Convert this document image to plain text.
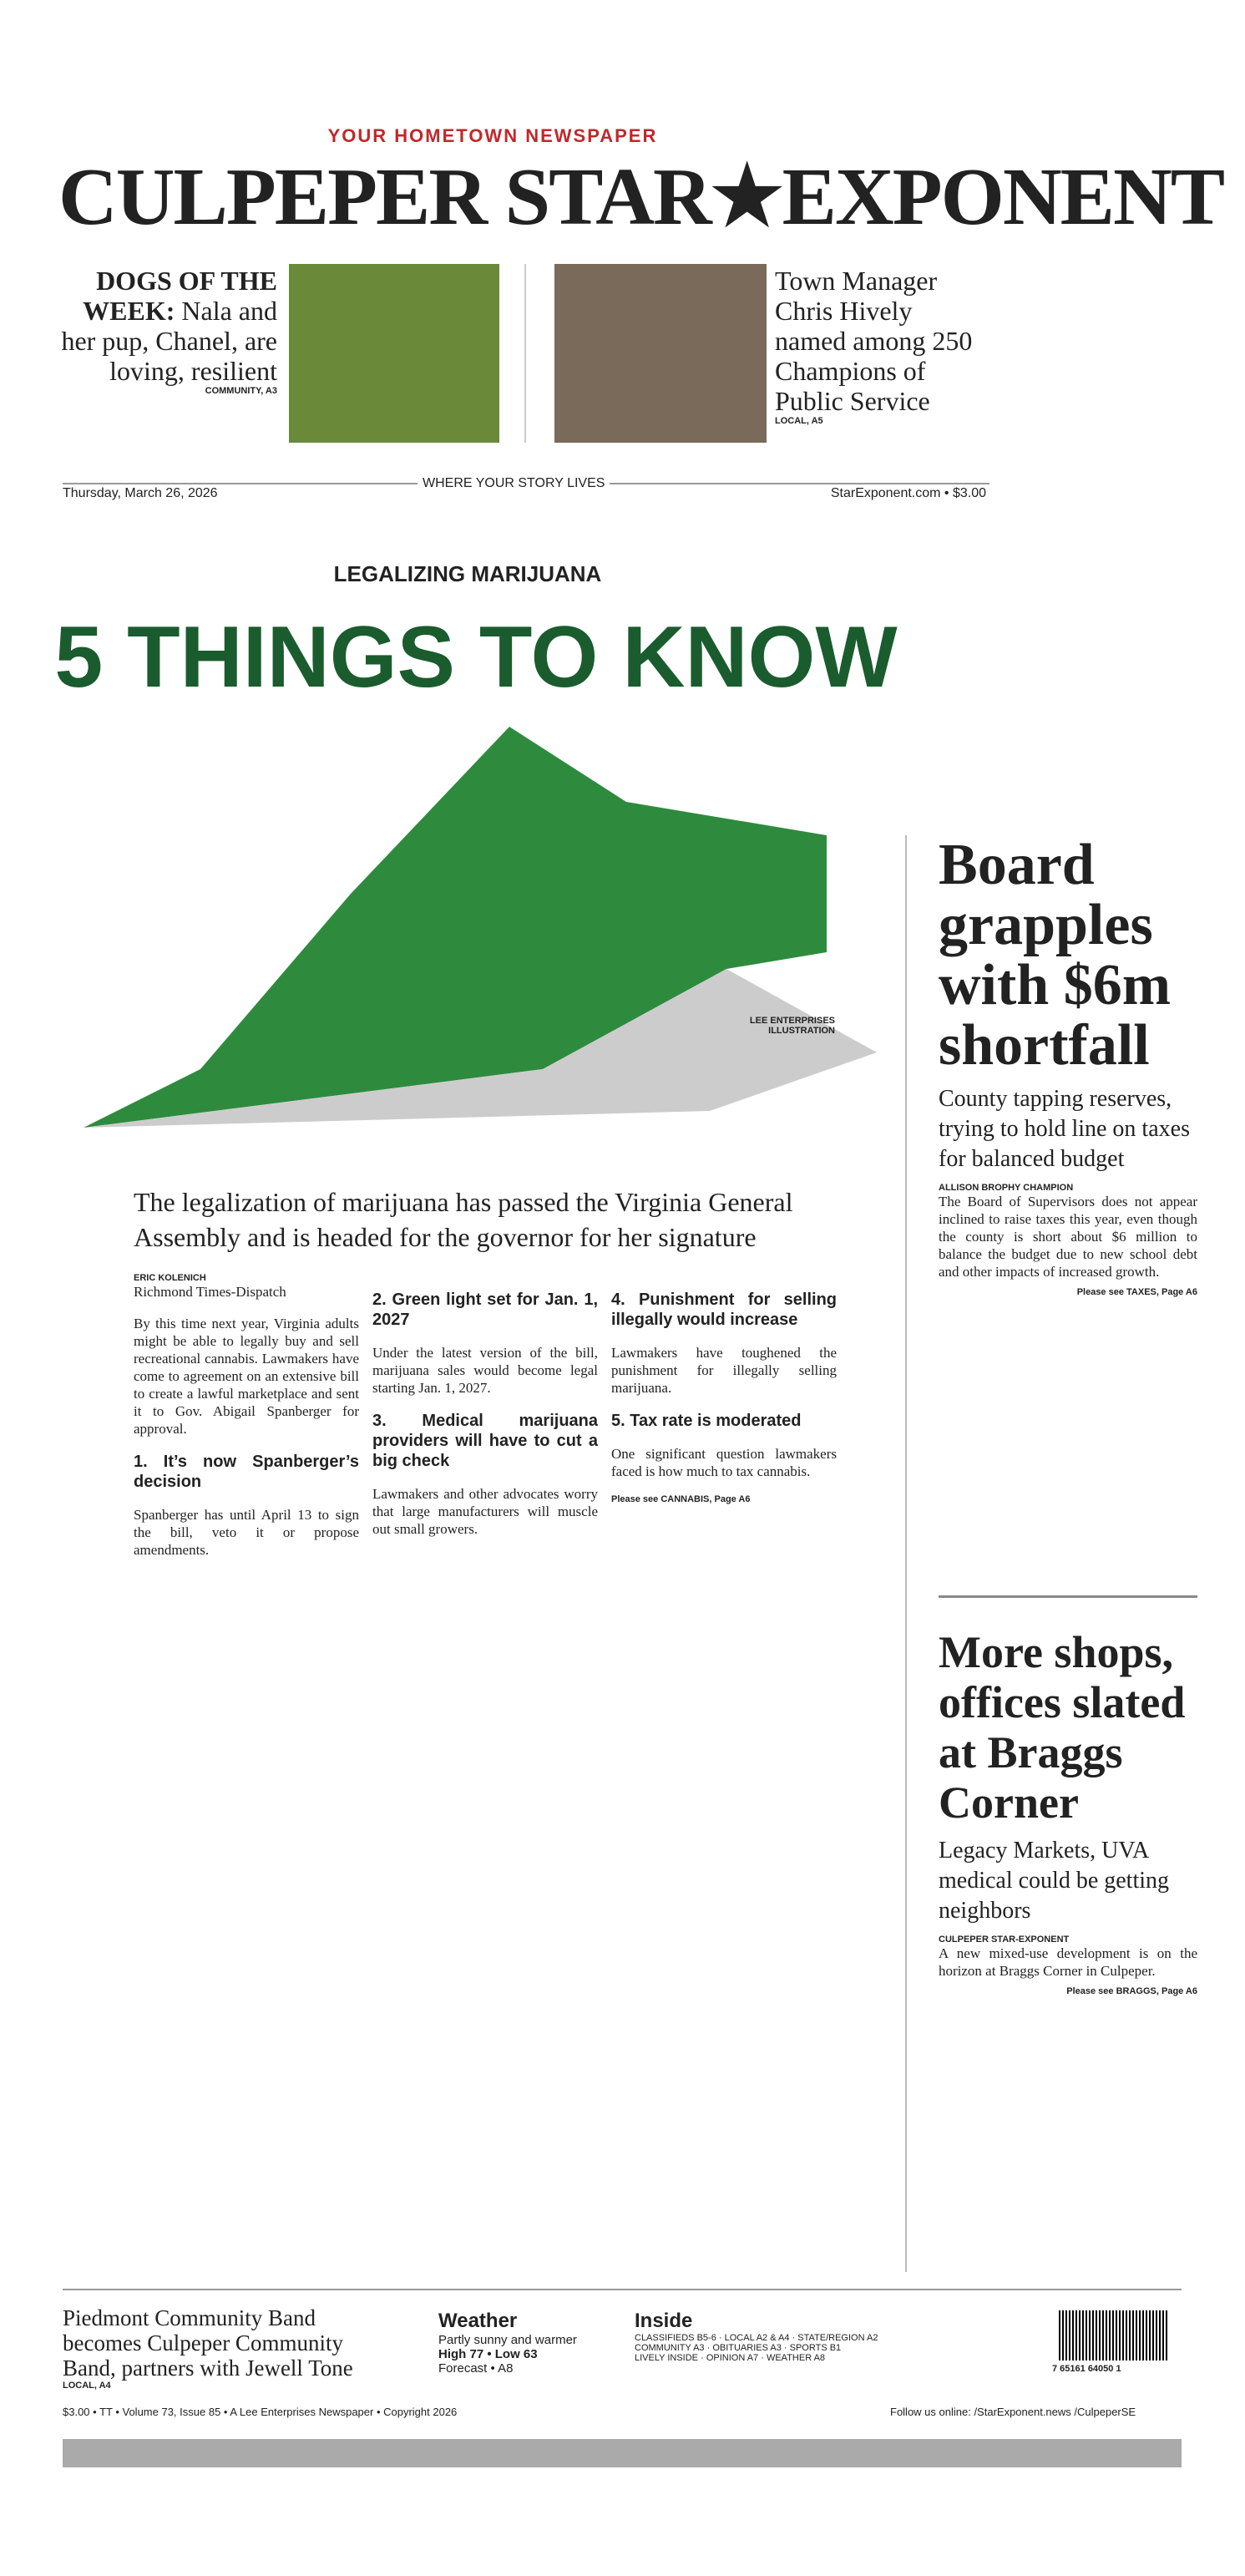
YOUR HOMETOWN NEWSPAPER
CULPEPER STAR★EXPONENT
DOGS OF THE WEEK: Nala and her pup, Chanel, are loving, resilient
COMMUNITY, A3
Town Manager Chris Hively named among 250 Champions of Public Service
LOCAL, A5
Thursday, March 26, 2026
WHERE YOUR STORY LIVES
StarExponent.com • $3.00
LEGALIZING MARIJUANA
5 THINGS TO KNOW
LEE ENTERPRISES ILLUSTRATION
The legalization of marijuana has passed the Virginia General Assembly and is headed for the governor for her signature
ERIC KOLENICH
Richmond Times-Dispatch

By this time next year, Virginia adults might be able to legally buy and sell recreational cannabis. Lawmakers have come to agreement on an extensive bill to create a lawful marketplace and sent it to Gov. Abigail Spanberger for approval.

1. It’s now Spanberger’s decision

Spanberger has until April 13 to sign the bill, veto it or propose amendments.

2. Green light set for Jan. 1, 2027

Under the latest version of the bill, marijuana sales would become legal starting Jan. 1, 2027.

3. Medical marijuana providers will have to cut a big check

Lawmakers and other advocates worry that large manufacturers will muscle out small growers.

4. Punishment for selling illegally would increase

Lawmakers have toughened the punishment for illegally selling marijuana.

5. Tax rate is moderated

One significant question lawmakers faced is how much to tax cannabis.

Please see CANNABIS, Page A6
Board grapples with $6m shortfall
County tapping reserves, trying to hold line on taxes for balanced budget
ALLISON BROPHY CHAMPION
The Board of Supervisors does not appear inclined to raise taxes this year, even though the county is short about $6 million to balance the budget due to new school debt and other impacts of increased growth.
Please see TAXES, Page A6
More shops, offices slated at Braggs Corner
Legacy Markets, UVA medical could be getting neighbors
CULPEPER STAR-EXPONENT
A new mixed-use development is on the horizon at Braggs Corner in Culpeper.
Please see BRAGGS, Page A6
Piedmont Community Band becomes Culpeper Community Band, partners with Jewell Tone
LOCAL, A4
Weather
Partly sunny and warmer
High 77 • Low 63
Forecast • A8
Inside
CLASSIFIEDS B5-6 · LOCAL A2 & A4 · STATE/REGION A2
COMMUNITY A3 · OBITUARIES A3 · SPORTS B1
LIVELY INSIDE · OPINION A7 · WEATHER A8
7 65161 64050 1
$3.00 • TT • Volume 73, Issue 85 • A Lee Enterprises Newspaper • Copyright 2026	Follow us online: /StarExponent.news /CulpeperSE
